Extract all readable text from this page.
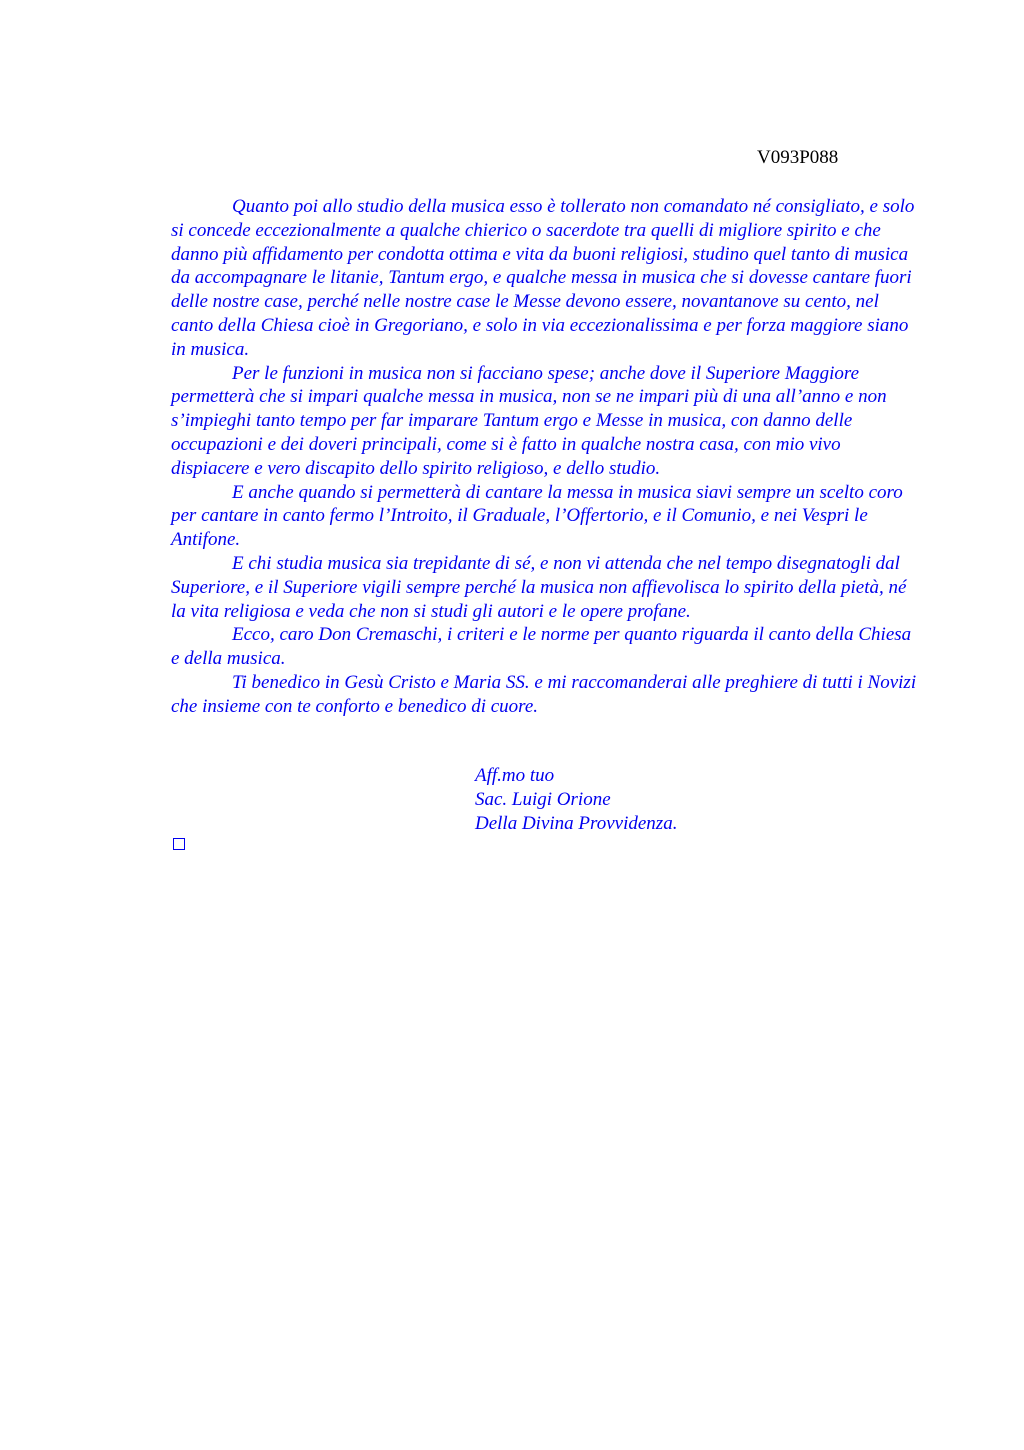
V093P088

Quanto poi allo studio della musica esso è tollerato non comandato né consigliato, e solo si concede eccezionalmente a qualche chierico o sacerdote tra quelli di migliore spirito e che danno più affidamento per condotta ottima e vita da buoni religiosi, studino quel tanto di musica da accompagnare le litanie, Tantum ergo, e qualche messa in musica che si dovesse cantare fuori delle nostre case, perché nelle nostre case le Messe devono essere, novantanove su cento, nel canto della Chiesa cioè in Gregoriano, e solo in via eccezionalissima e per forza maggiore siano in musica.

Per le funzioni in musica non si facciano spese; anche dove il Superiore Maggiore permetterà che si impari qualche messa in musica, non se ne impari più di una all’anno e non s’impieghi tanto tempo per far imparare Tantum ergo e Messe in musica, con danno delle occupazioni e dei doveri principali, come si è fatto in qualche nostra casa, con mio vivo dispiacere e vero discapito dello spirito religioso, e dello studio.

E anche quando si permetterà di cantare la messa in musica siavi sempre un scelto coro per cantare in canto fermo l’Introito, il Graduale, l’Offertorio, e il Comunio, e nei Vespri le Antifone.

E chi studia musica sia trepidante di sé, e non vi attenda che nel tempo disegnatogli dal Superiore, e il Superiore vigili sempre perché la musica non affievolisca lo spirito della pietà, né la vita religiosa e veda che non si studi gli autori e le opere profane.

Ecco, caro Don Cremaschi, i criteri e le norme per quanto riguarda il canto della Chiesa e della musica.

Ti benedico in Gesù Cristo e Maria SS. e mi raccomanderai alle preghiere di tutti i Novizi che insieme con te conforto e benedico di cuore.

Aff.mo tuo
Sac. Luigi Orione
Della Divina Provvidenza.
